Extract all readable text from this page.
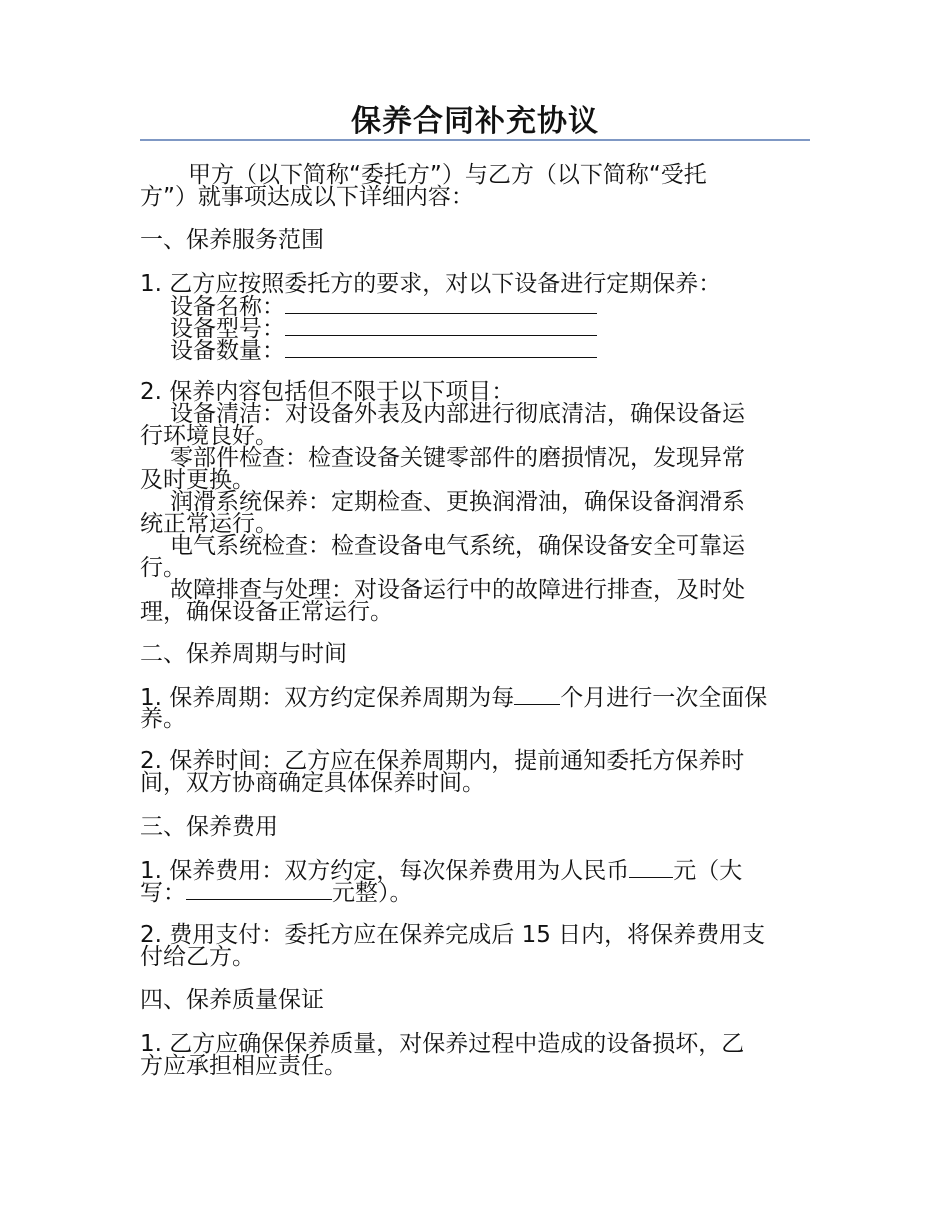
保养合同补充协议
甲方（以下简称“委托方”）与乙方（以下简称“受托
方”）就事项达成以下详细内容：
一、保养服务范围
1. 乙方应按照委托方的要求，对以下设备进行定期保养：
设备名称：
设备型号：
设备数量：
2. 保养内容包括但不限于以下项目：
设备清洁：对设备外表及内部进行彻底清洁，确保设备运
行环境良好。
零部件检查：检查设备关键零部件的磨损情况，发现异常
及时更换。
润滑系统保养：定期检查、更换润滑油，确保设备润滑系
统正常运行。
电气系统检查：检查设备电气系统，确保设备安全可靠运
行。
故障排查与处理：对设备运行中的故障进行排查，及时处
理，确保设备正常运行。
二、保养周期与时间
1. 保养周期：双方约定保养周期为每 个月进行一次全面保
养。
2. 保养时间：乙方应在保养周期内，提前通知委托方保养时
间，双方协商确定具体保养时间。
三、保养费用
1. 保养费用：双方约定，每次保养费用为人民币 元（大
写：	元整）。
2. 费用支付：委托方应在保养完成后 15 日内，将保养费用支
付给乙方。
四、保养质量保证
1. 乙方应确保保养质量，对保养过程中造成的设备损坏，乙
方应承担相应责任。
